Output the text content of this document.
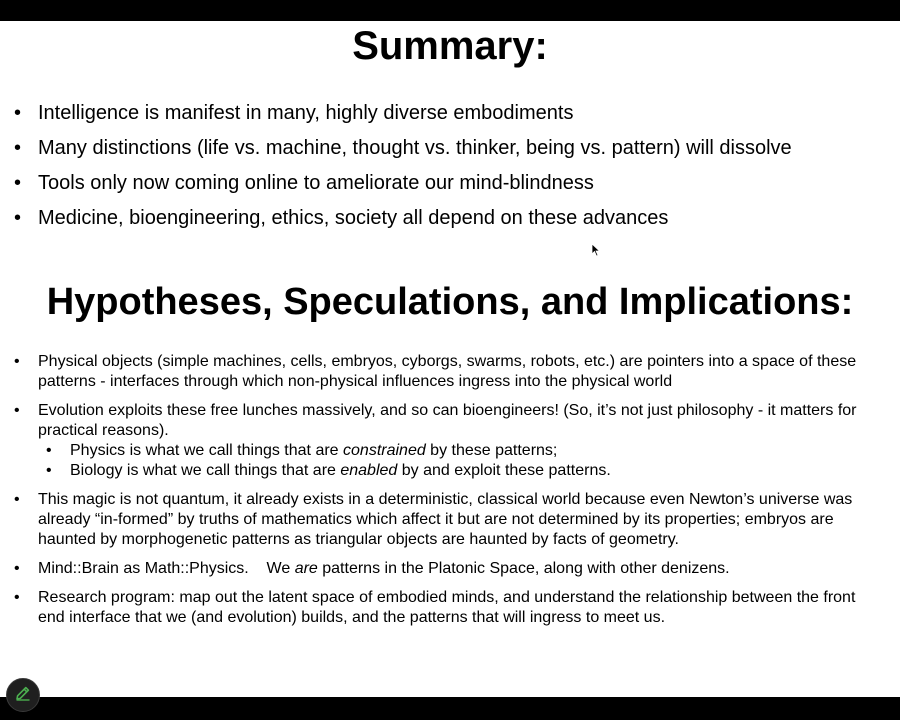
Summary:
• Intelligence is manifest in many, highly diverse embodiments
• Many distinctions (life vs. machine, thought vs. thinker, being vs. pattern) will dissolve
• Tools only now coming online to ameliorate our mind-blindness
• Medicine, bioengineering, ethics, society all depend on these advances
Hypotheses, Speculations, and Implications:
• Physical objects (simple machines, cells, embryos, cyborgs, swarms, robots, etc.) are pointers into a space of these patterns - interfaces through which non-physical influences ingress into the physical world
• Evolution exploits these free lunches massively, and so can bioengineers! (So, it’s not just philosophy - it matters for practical reasons).
• Physics is what we call things that are constrained by these patterns;
• Biology is what we call things that are enabled by and exploit these patterns.
• This magic is not quantum, it already exists in a deterministic, classical world because even Newton’s universe was already “in-formed” by truths of mathematics which affect it but are not determined by its properties; embryos are haunted by morphogenetic patterns as triangular objects are haunted by facts of geometry.
• Mind::Brain as Math::Physics.    We are patterns in the Platonic Space, along with other denizens.
• Research program: map out the latent space of embodied minds, and understand the relationship between the front end interface that we (and evolution) builds, and the patterns that will ingress to meet us.
